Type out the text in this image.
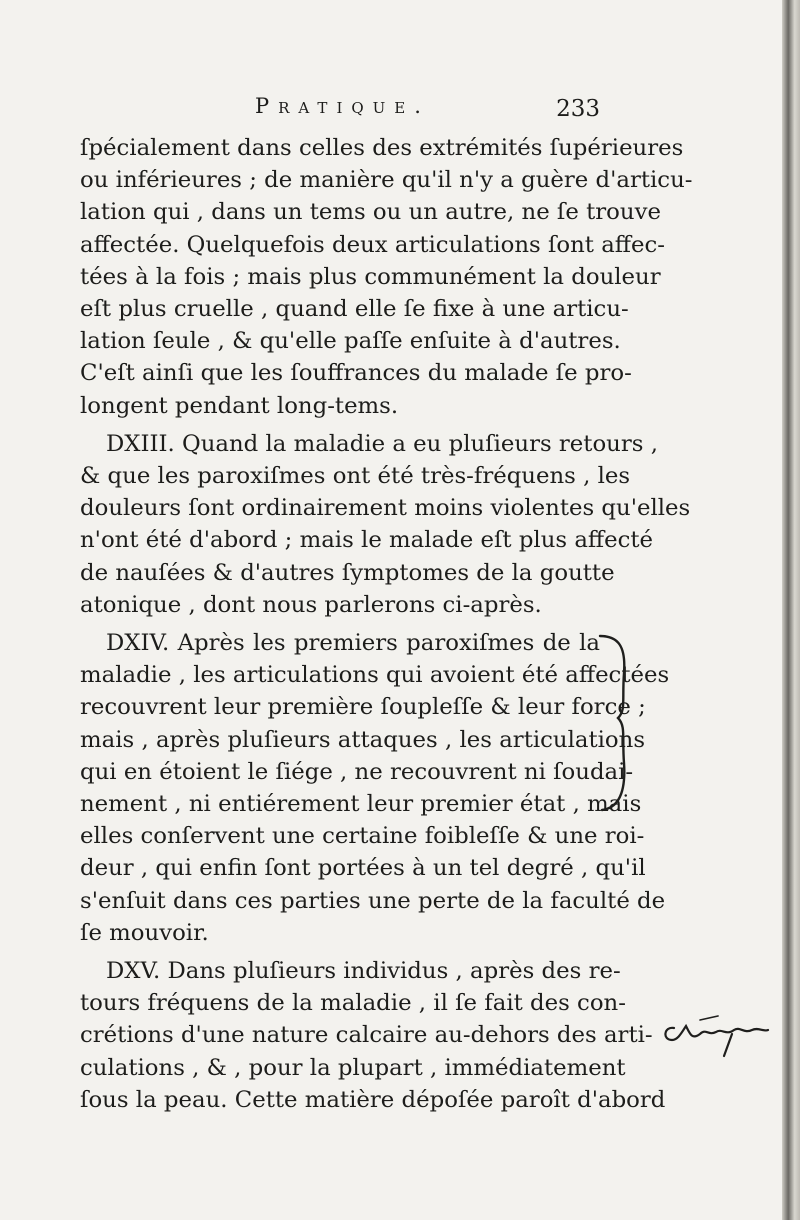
Pratique.	233
ſpécialement dans celles des extrémités ſupérieures
ou inférieures ; de manière qu'il n'y a guère d'articu-
lation qui , dans un tems ou un autre, ne ſe trouve
affectée. Quelquefois deux articulations ſont affec-
tées à la fois ; mais plus communément la douleur
eſt plus cruelle , quand elle ſe fixe à une articu-
lation ſeule , & qu'elle paſſe enſuite à d'autres.
C'eſt ainſi que les ſouffrances du malade ſe pro-
longent pendant long-tems.
DXIII. Quand la maladie a eu pluſieurs retours ,
& que les paroxiſmes ont été très-fréquens , les
douleurs ſont ordinairement moins violentes qu'elles
n'ont été d'abord ; mais le malade eſt plus affecté
de nauſées & d'autres ſymptomes de la goutte
atonique , dont nous parlerons ci-après.
DXIV. Après les premiers paroxiſmes de la
maladie , les articulations qui avoient été affectées
recouvrent leur première ſoupleſſe & leur force ;
mais , après pluſieurs attaques , les articulations
qui en étoient le ſiége , ne recouvrent ni ſoudai-
nement , ni entiérement leur premier état , mais
elles conſervent une certaine foibleſſe & une roi-
deur , qui enfin ſont portées à un tel degré , qu'il
s'enſuit dans ces parties une perte de la faculté de
ſe mouvoir.
DXV. Dans pluſieurs individus , après des re-
tours fréquens de la maladie , il ſe fait des con-
crétions d'une nature calcaire au-dehors des arti-
culations , & , pour la plupart , immédiatement
ſous la peau. Cette matière dépoſée paroît d'abord
